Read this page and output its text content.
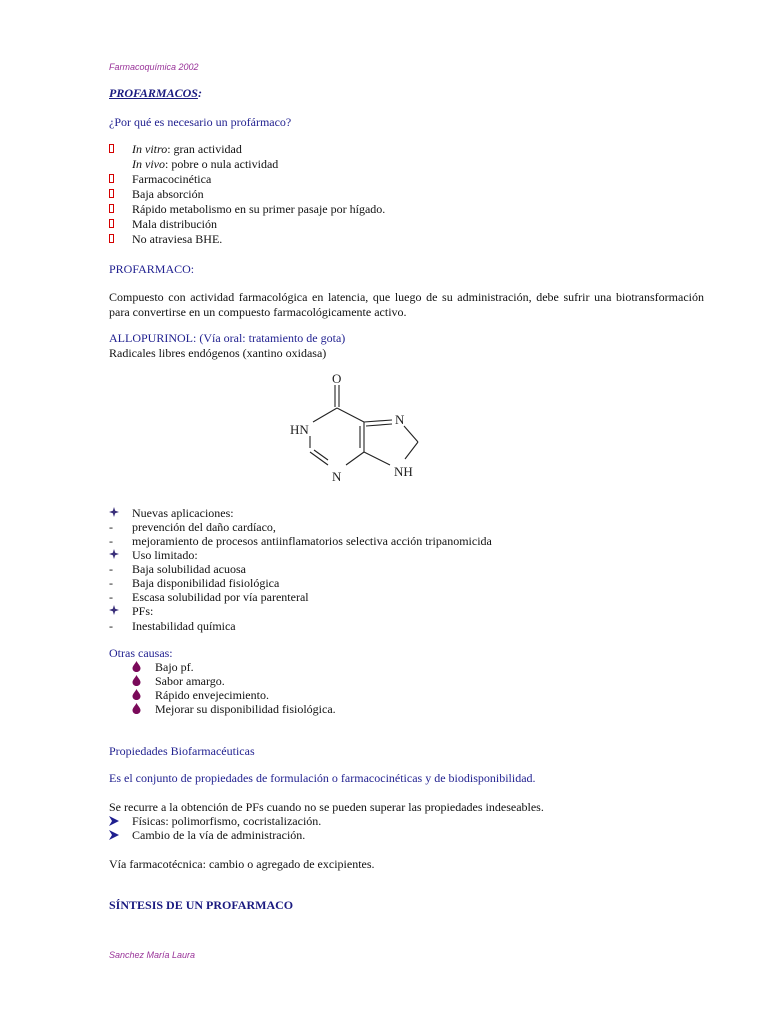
Farmacoquímica 2002
PROFARMACOS:
¿Por qué es necesario un profármaco?
In vitro: gran actividad
In vivo: pobre o nula actividad
Farmacocinética
Baja absorción
Rápido metabolismo en su primer pasaje por hígado.
Mala distribución
No atraviesa BHE.
PROFARMACO:
Compuesto con actividad farmacológica en latencia, que luego de su administración, debe sufrir una biotransformación para convertirse en un compuesto farmacológicamente activo.
ALLOPURINOL: (Vía oral: tratamiento de gota)
Radicales libres endógenos (xantino oxidasa)
O
HN
N
N
NH
Nuevas aplicaciones:
- prevención del daño cardíaco,
- mejoramiento de procesos antiinflamatorios selectiva acción tripanomicida
Uso limitado:
- Baja solubilidad acuosa
- Baja disponibilidad fisiológica
- Escasa solubilidad por vía parenteral
PFs:
- Inestabilidad química
Otras causas:
Bajo pf.
Sabor amargo.
Rápido envejecimiento.
Mejorar su disponibilidad fisiológica.
Propiedades Biofarmacéuticas
Es el conjunto de propiedades de formulación o farmacocinéticas y de biodisponibilidad.
Se recurre a la obtención de PFs cuando no se pueden superar las propiedades indeseables.
Físicas: polimorfismo, cocristalización.
Cambio de la vía de administración.
Vía farmacotécnica: cambio o agregado de excipientes.
SÍNTESIS DE UN PROFARMACO
Sanchez María Laura
